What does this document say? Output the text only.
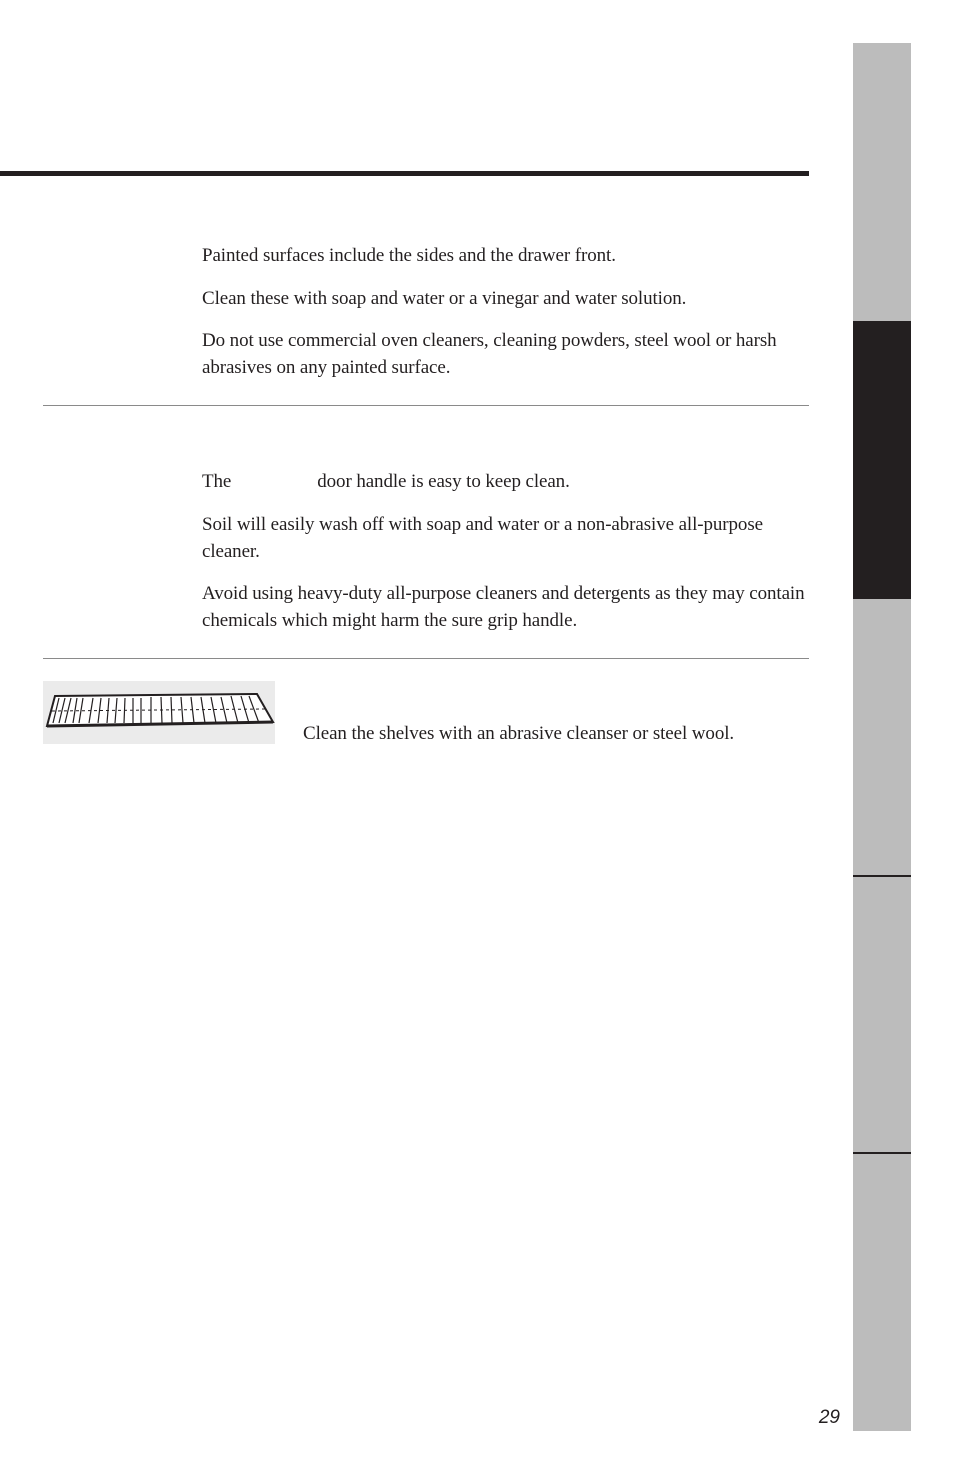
Painted surfaces include the sides and the drawer front.

Clean these with soap and water or a vinegar and water solution.

Do not use commercial oven cleaners, cleaning powders, steel wool or harsh abrasives on any painted surface.

The	door handle is easy to keep clean.

Soil will easily wash off with soap and water or a non-abrasive all-purpose cleaner.

Avoid using heavy-duty all-purpose cleaners and detergents as they may contain chemicals which might harm the sure grip handle.

Clean the shelves with an abrasive cleanser or steel wool.

29
